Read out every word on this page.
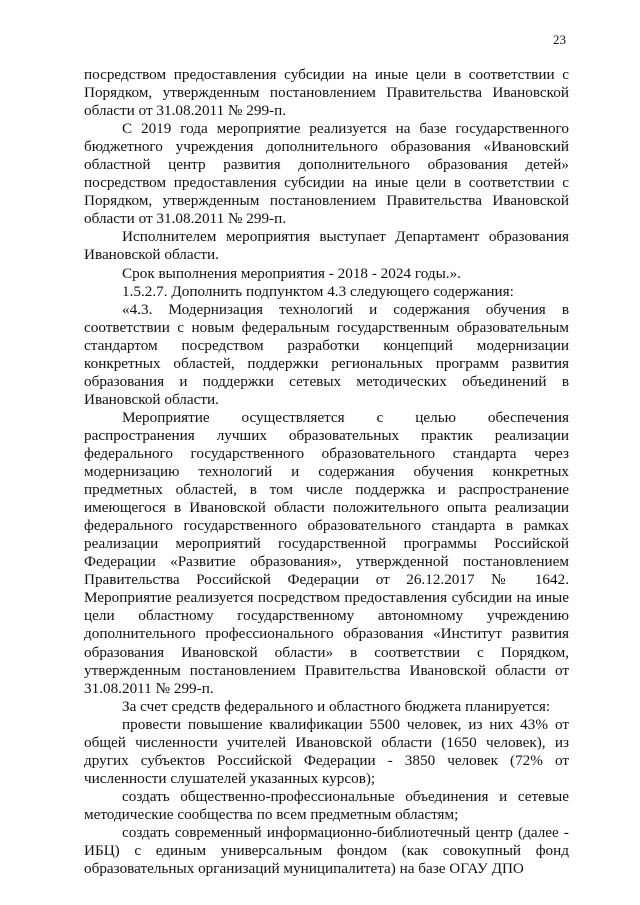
23

посредством предоставления субсидии на иные цели в соответствии с Порядком, утвержденным постановлением Правительства Ивановской области от 31.08.2011 № 299-п.

С 2019 года мероприятие реализуется на базе государственного бюджетного учреждения дополнительного образования «Ивановский областной центр развития дополнительного образования детей» посредством предоставления субсидии на иные цели в соответствии с Порядком, утвержденным постановлением Правительства Ивановской области от 31.08.2011 № 299-п.

Исполнителем мероприятия выступает Департамент образования Ивановской области.

Срок выполнения мероприятия - 2018 - 2024 годы.».

1.5.2.7. Дополнить подпунктом 4.3 следующего содержания:

«4.3. Модернизация технологий и содержания обучения в соответствии с новым федеральным государственным образовательным стандартом посредством разработки концепций модернизации конкретных областей, поддержки региональных программ развития образования и поддержки сетевых методических объединений в Ивановской области.

Мероприятие осуществляется с целью обеспечения распространения лучших образовательных практик реализации федерального государственного образовательного стандарта через модернизацию технологий и содержания обучения конкретных предметных областей, в том числе поддержка и распространение имеющегося в Ивановской области положительного опыта реализации федерального государственного образовательного стандарта в рамках реализации мероприятий государственной программы Российской Федерации «Развитие образования», утвержденной постановлением Правительства Российской Федерации от 26.12.2017 № 1642. Мероприятие реализуется посредством предоставления субсидии на иные цели областному государственному автономному учреждению дополнительного профессионального образования «Институт развития образования Ивановской области» в соответствии с Порядком, утвержденным постановлением Правительства Ивановской области от 31.08.2011 № 299-п.

За счет средств федерального и областного бюджета планируется:

провести повышение квалификации 5500 человек, из них 43% от общей численности учителей Ивановской области (1650 человек), из других субъектов Российской Федерации - 3850 человек (72% от численности слушателей указанных курсов);

создать общественно-профессиональные объединения и сетевые методические сообщества по всем предметным областям;

создать современный информационно-библиотечный центр (далее - ИБЦ) с единым универсальным фондом (как совокупный фонд образовательных организаций муниципалитета) на базе ОГАУ ДПО
